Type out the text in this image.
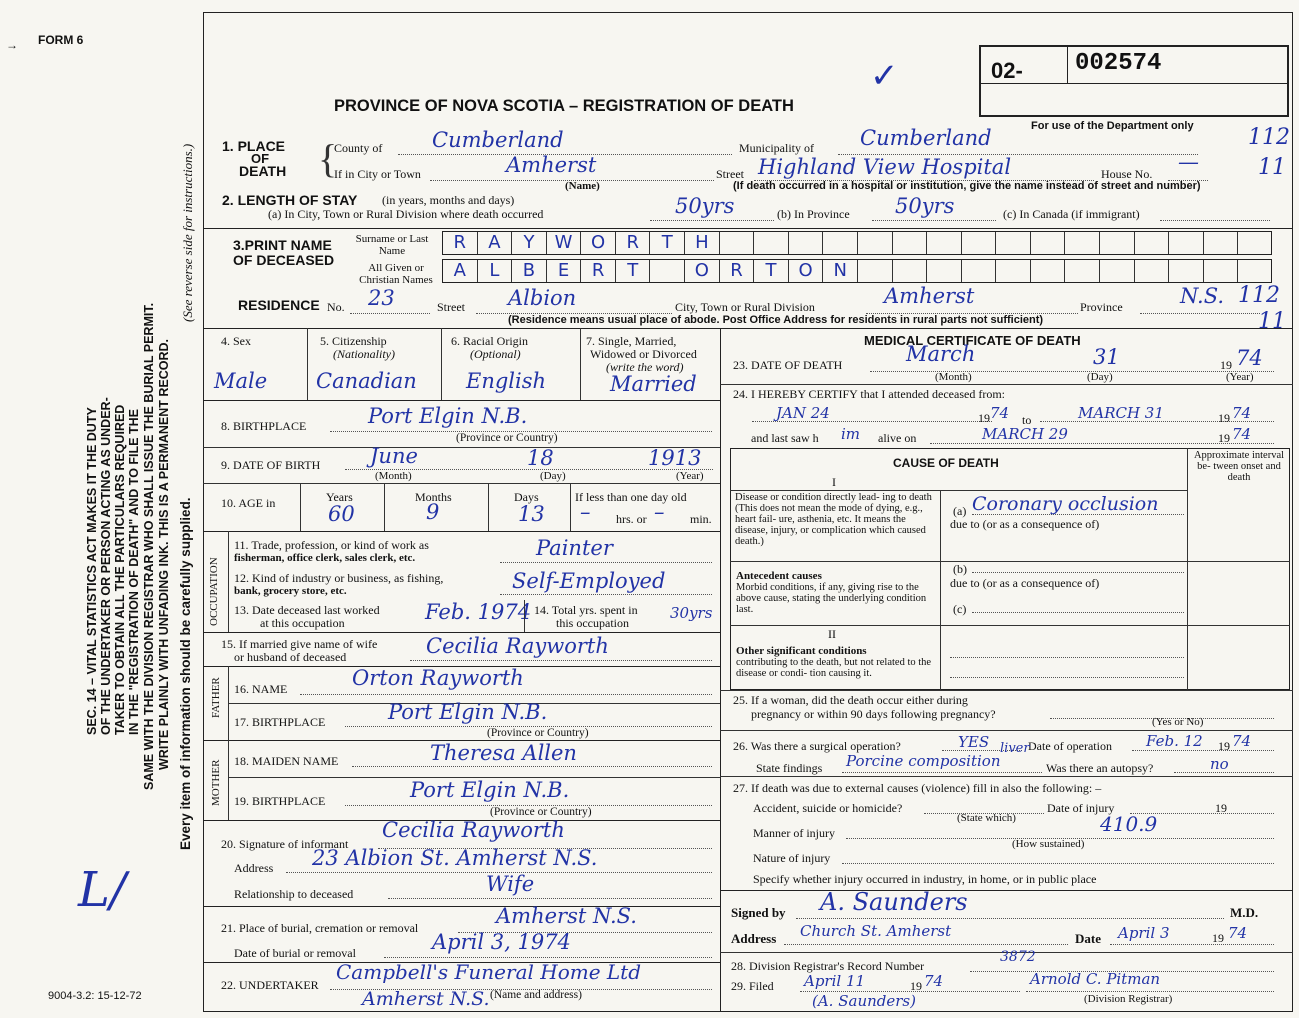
FORM 6
→
SEC. 14 – VITAL STATISTICS ACT MAKES IT THE DUTY OF THE UNDERTAKER OR PERSON ACTING AS UNDER- TAKER TO OBTAIN ALL THE PARTICULARS REQUIRED IN THE "REGISTRATION OF DEATH" AND TO FILE THE SAME WITH THE DIVISION REGISTRAR WHO SHALL ISSUE THE BURIAL PERMIT. WRITE PLAINLY WITH UNFADING INK. THIS IS A PERMANENT RECORD. Every item of information should be carefully supplied.
(See reverse side for instructions.)
L/
9004-3.2: 15-12-72
PROVINCE OF NOVA SCOTIA – REGISTRATION OF DEATH
02- 002574
For use of the Department only
✓
1. PLACE
OF
DEATH {
County of Cumberland	Municipality of Cumberland
If in City or Town	Amherst
(Name)
Street Highland View Hospital	House No. —
(If death occurred in a hospital or institution, give the name instead of street and number)
112
11
2. LENGTH OF STAY (in years, months and days)
(a) In City, Town or Rural Division where death occurred	50yrs	(b) In Province 50yrs	(c) In Canada (if immigrant)
3.PRINT NAME
OF DECEASED
Surname or Last Name
All Given or Christian Names
R	A	Y	W	O	R	T	H
A	L	B	E	R	T	O	R	T	O	N
RESIDENCE No. 23	Street Albion	City, Town or Rural Division	Amherst	Province	N.S.
(Residence means usual place of abode. Post Office Address for residents in rural parts not sufficient)
112
11
4. Sex
Male
5. Citizenship
(Nationality)
Canadian
6. Racial Origin
(Optional)
English
7. Single, Married,
Widowed or Divorced
(write the word)
Married
8. BIRTHPLACE	Port Elgin N.B.
(Province or Country)
9. DATE OF BIRTH June	18	1913
(Month)	(Day)	(Year)
10. AGE in	Years	Months	Days	If less than one day old
60	9	13 – hrs. or – min.
OCCUPATION
11. Trade, profession, or kind of work as
fisherman, office clerk, sales clerk, etc.	Painter
12. Kind of industry or business, as fishing,
bank, grocery store, etc.	Self-Employed
13. Date deceased last worked
at this occupation	Feb. 1974 14. Total yrs. spent in
this occupation
30yrs
15. If married give name of wife
or husband of deceased	Cecilia Rayworth
FATHER 16. NAME	Orton Rayworth
17. BIRTHPLACE	Port Elgin N.B.
(Province or Country)
MOTHER 18. MAIDEN NAME	Theresa Allen
19. BIRTHPLACE	Port Elgin N.B.
(Province or Country)
20. Signature of informant
Cecilia Rayworth
Address 23 Albion St. Amherst N.S.
Relationship to deceased	Wife
21. Place of burial, cremation or removal	Amherst N.S.
Date of burial or removal	April 3, 1974
22. UNDERTAKER
Campbell's Funeral Home Ltd
(Name and address)
Amherst N.S.
MEDICAL CERTIFICATE OF DEATH
23. DATE OF DEATH	March	31	19 74
(Month)	(Day)	(Year)
24. I HEREBY CERTIFY that I attended deceased from:
JAN 24	19 74 to	MARCH 31	19 74
and last saw h im alive on	MARCH 29	19 74
CAUSE OF DEATH
Approximate interval be- tween onset and death
I
Disease or condition directly lead- ing to death (This does not mean the mode of dying, e.g., heart fail- ure, asthenia, etc. It means the disease, injury, or complication which caused death.)
(a) Coronary occlusion
due to (or as a consequence of)
Antecedent causes
Morbid conditions, if any, giving rise to the above cause, stating the underlying condition last.
(b)
due to (or as a consequence of)
(c)
II
Other significant conditions
contributing to the death, but not related to the disease or condi- tion causing it.
25. If a woman, did the death occur either during
pregnancy or within 90 days following pregnancy?
(Yes or No)
26. Was there a surgical operation?	YES	Date of operation Feb. 12 19 74
State findings Porcine composition
liver
Was there an autopsy?	no
27. If death was due to external causes (violence) fill in also the following: –
Accident, suicide or homicide?	Date of injury	19
(State which)
Manner of injury	410.9
(How sustained)
Nature of injury
Specify whether injury occurred in industry, in home, or in public place
Signed by A. Saunders	M.D.
Address Church St. Amherst	Date April 3	19 74
28. Division Registrar's Record Number
3872
29. Filed April 11	19 74	Arnold C. Pitman
(Division Registrar)
(A. Saunders)
